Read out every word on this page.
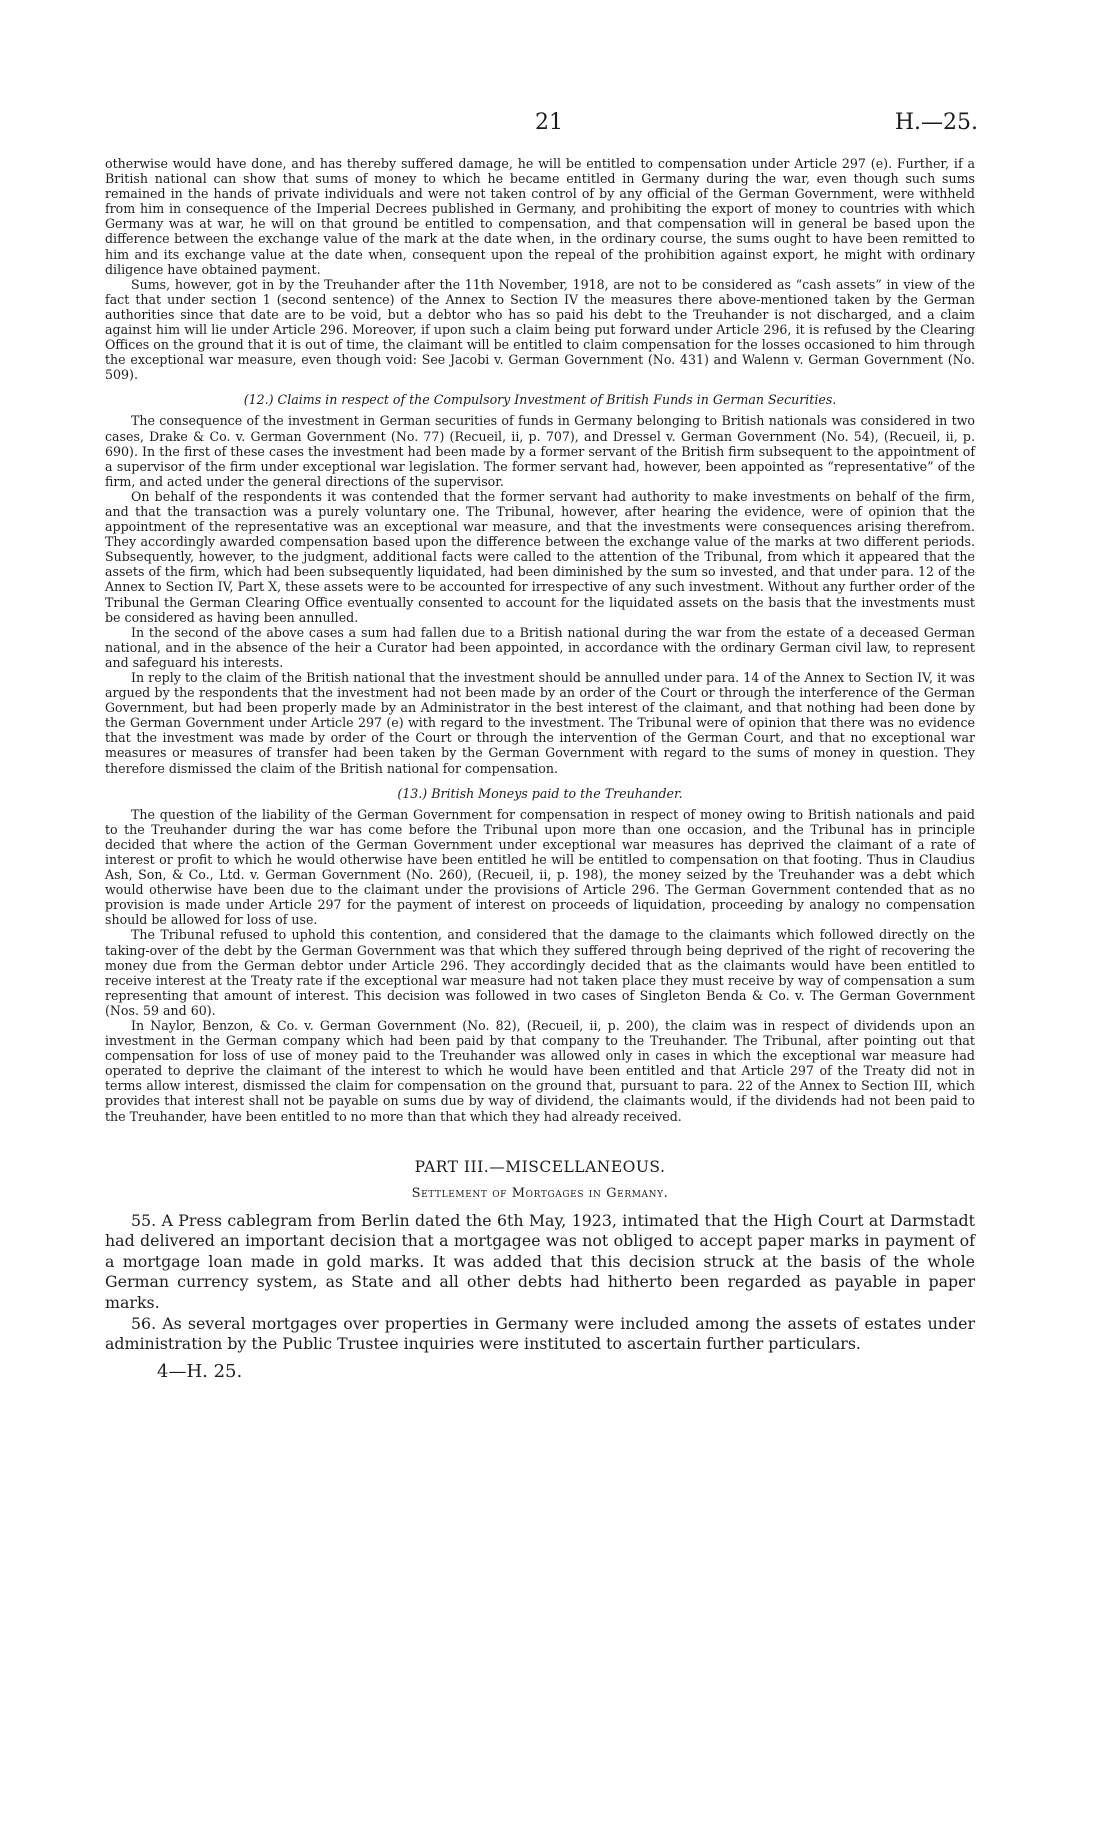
21	H.—25.

otherwise would have done, and has thereby suffered damage, he will be entitled to compensation under Article 297 (e). Further, if a British national can show that sums of money to which he became entitled in Germany during the war, even though such sums remained in the hands of private individuals and were not taken control of by any official of the German Government, were withheld from him in consequence of the Imperial Decrees published in Germany, and prohibiting the export of money to countries with which Germany was at war, he will on that ground be entitled to compensation, and that compensation will in general be based upon the difference between the exchange value of the mark at the date when, in the ordinary course, the sums ought to have been remitted to him and its exchange value at the date when, consequent upon the repeal of the prohibition against export, he might with ordinary diligence have obtained payment.

Sums, however, got in by the Treuhander after the 11th November, 1918, are not to be considered as “cash assets” in view of the fact that under section 1 (second sentence) of the Annex to Section IV the measures there above-mentioned taken by the German authorities since that date are to be void, but a debtor who has so paid his debt to the Treuhander is not discharged, and a claim against him will lie under Article 296. Moreover, if upon such a claim being put forward under Article 296, it is refused by the Clearing Offices on the ground that it is out of time, the claimant will be entitled to claim compensation for the losses occasioned to him through the exceptional war measure, even though void: See Jacobi v. German Government (No. 431) and Walenn v. German Government (No. 509).

(12.) Claims in respect of the Compulsory Investment of British Funds in German Securities.

The consequence of the investment in German securities of funds in Germany belonging to British nationals was considered in two cases, Drake & Co. v. German Government (No. 77) (Recueil, ii, p. 707), and Dressel v. German Government (No. 54), (Recueil, ii, p. 690). In the first of these cases the investment had been made by a former servant of the British firm subsequent to the appointment of a supervisor of the firm under exceptional war legislation. The former servant had, however, been appointed as “representative” of the firm, and acted under the general directions of the supervisor.

On behalf of the respondents it was contended that the former servant had authority to make investments on behalf of the firm, and that the transaction was a purely voluntary one. The Tribunal, however, after hearing the evidence, were of opinion that the appointment of the representative was an exceptional war measure, and that the investments were consequences arising therefrom. They accordingly awarded compensation based upon the difference between the exchange value of the marks at two different periods. Subsequently, however, to the judgment, additional facts were called to the attention of the Tribunal, from which it appeared that the assets of the firm, which had been subsequently liquidated, had been diminished by the sum so invested, and that under para. 12 of the Annex to Section IV, Part X, these assets were to be accounted for irrespective of any such investment. Without any further order of the Tribunal the German Clearing Office eventually consented to account for the liquidated assets on the basis that the investments must be considered as having been annulled.

In the second of the above cases a sum had fallen due to a British national during the war from the estate of a deceased German national, and in the absence of the heir a Curator had been appointed, in accordance with the ordinary German civil law, to represent and safeguard his interests.

In reply to the claim of the British national that the investment should be annulled under para. 14 of the Annex to Section IV, it was argued by the respondents that the investment had not been made by an order of the Court or through the interference of the German Government, but had been properly made by an Administrator in the best interest of the claimant, and that nothing had been done by the German Government under Article 297 (e) with regard to the investment. The Tribunal were of opinion that there was no evidence that the investment was made by order of the Court or through the intervention of the German Court, and that no exceptional war measures or measures of transfer had been taken by the German Government with regard to the sums of money in question. They therefore dismissed the claim of the British national for compensation.

(13.) British Moneys paid to the Treuhander.

The question of the liability of the German Government for compensation in respect of money owing to British nationals and paid to the Treuhander during the war has come before the Tribunal upon more than one occasion, and the Tribunal has in principle decided that where the action of the German Government under exceptional war measures has deprived the claimant of a rate of interest or profit to which he would otherwise have been entitled he will be entitled to compensation on that footing. Thus in Claudius Ash, Son, & Co., Ltd. v. German Government (No. 260), (Recueil, ii, p. 198), the money seized by the Treuhander was a debt which would otherwise have been due to the claimant under the provisions of Article 296. The German Government contended that as no provision is made under Article 297 for the payment of interest on proceeds of liquidation, proceeding by analogy no compensation should be allowed for loss of use.

The Tribunal refused to uphold this contention, and considered that the damage to the claimants which followed directly on the taking-over of the debt by the German Government was that which they suffered through being deprived of the right of recovering the money due from the German debtor under Article 296. They accordingly decided that as the claimants would have been entitled to receive interest at the Treaty rate if the exceptional war measure had not taken place they must receive by way of compensation a sum representing that amount of interest. This decision was followed in two cases of Singleton Benda & Co. v. The German Government (Nos. 59 and 60).

In Naylor, Benzon, & Co. v. German Government (No. 82), (Recueil, ii, p. 200), the claim was in respect of dividends upon an investment in the German company which had been paid by that company to the Treuhander. The Tribunal, after pointing out that compensation for loss of use of money paid to the Treuhander was allowed only in cases in which the exceptional war measure had operated to deprive the claimant of the interest to which he would have been entitled and that Article 297 of the Treaty did not in terms allow interest, dismissed the claim for compensation on the ground that, pursuant to para. 22 of the Annex to Section III, which provides that interest shall not be payable on sums due by way of dividend, the claimants would, if the dividends had not been paid to the Treuhander, have been entitled to no more than that which they had already received.

PART III.—MISCELLANEOUS.
Settlement of Mortgages in Germany.

55. A Press cablegram from Berlin dated the 6th May, 1923, intimated that the High Court at Darmstadt had delivered an important decision that a mortgagee was not obliged to accept paper marks in payment of a mortgage loan made in gold marks. It was added that this decision struck at the basis of the whole German currency system, as State and all other debts had hitherto been regarded as payable in paper marks.

56. As several mortgages over properties in Germany were included among the assets of estates under administration by the Public Trustee inquiries were instituted to ascertain further particulars.

4—H. 25.
